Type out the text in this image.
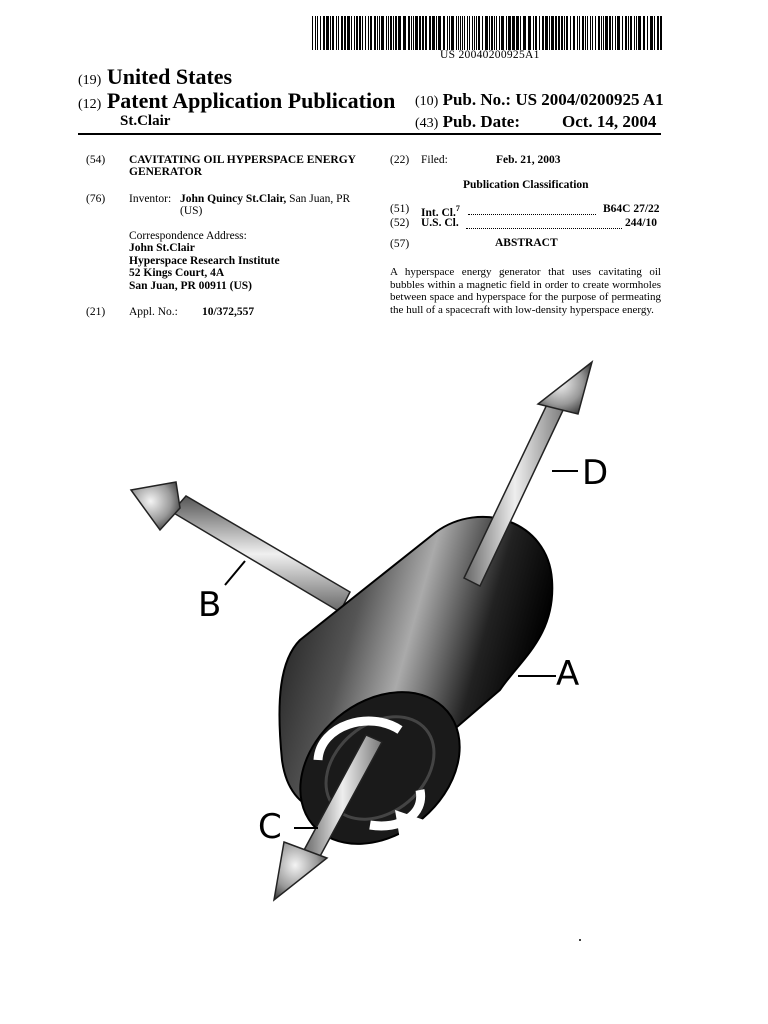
US 20040200925A1
(19) United States
(12) Patent Application Publication
St.Clair
(10) Pub. No.: US 2004/0200925 A1
(43) Pub. Date: Oct. 14, 2004
(54) CAVITATING OIL HYPERSPACE ENERGY
GENERATOR
(76) Inventor: John Quincy St.Clair, San Juan, PR
(US)
Correspondence Address:
John St.Clair
Hyperspace Research Institute
52 Kings Court, 4A
San Juan, PR 00911 (US)
(21) Appl. No.: 10/372,557
(22) Filed:	Feb. 21, 2003
Publication Classification
(51) Int. Cl.$^7$	B64C 27/22
(52) U.S. Cl.	244/10
(57)	ABSTRACT
A hyperspace energy generator that uses cavitating oil bubbles within a magnetic field in order to create wormholes between space and hyperspace for the purpose of permeating the hull of a spacecraft with low-density hyperspace energy.
D
A
B
C
